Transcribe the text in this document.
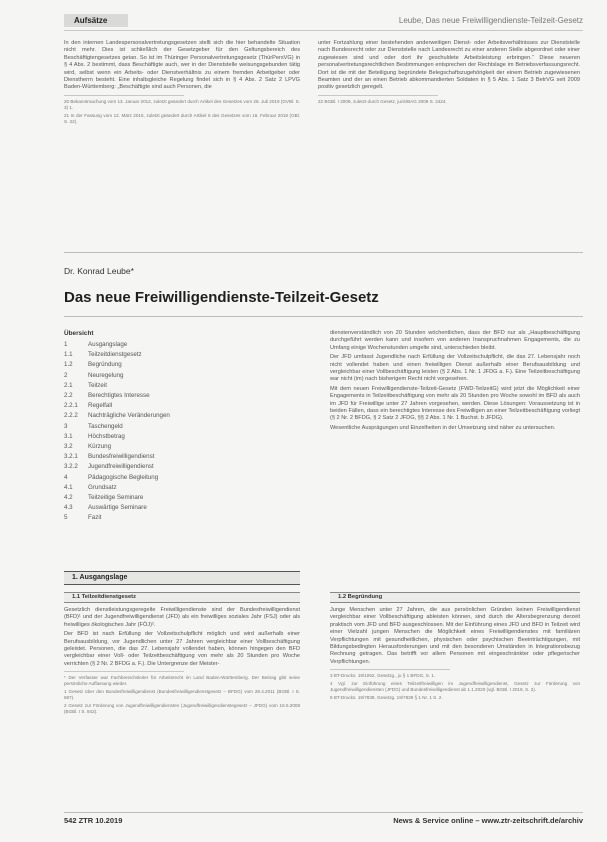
Aufsätze	Leube, Das neue Freiwilligendienste-Teilzeit-Gesetz

In den internen Landespersonalvertretungsgesetzen stellt sich die hier behandelte Situation nicht mehr. Dies ist schließlich der Gesetzgeber für den Geltungsbereich des Beschäftigtengesetzes getan. So ist im Thüringer Personalvertretungsgesetz (ThürPersVG) in § 4 Abs. 2 bestimmt, dass Beschäftigte auch, wer in der Dienststelle weisungsgebunden tätig wird, selbst wenn ein Arbeits- oder Dienstverhältnis zu einem fremden Arbeitgeber oder Dienstherrn besteht. Eine inhaltsgleiche Regelung findet sich in § 4 Abs. 2 Satz 2 LPVG Baden-Württemberg: „Beschäftigte sind auch Personen, die

20 Bekanntmachung vom 13. Januar 2012, zuletzt geändert durch Artikel des Gesetzes vom 28. Juli 2019 (GVBl. S. 3) 1.

21 In der Fassung vom 12. März 2015, zuletzt geändert durch Artikel 6 des Gesetzes vom 16. Februar 2019 (GBl. S. 22).

unter Fortzahlung einer bestehenden anderweitigen Dienst- oder Arbeitsverhältnisses zur Dienststelle nach Bundesrecht oder zur Dienststelle nach Landesrecht zu einer anderen Stelle abgeordnet oder einer zugewiesen sind und oder dort ihr geschuldete Arbeitsleistung erbringen.“ Diese neueren personalvertretungsrechtlichen Bestimmungen entsprechen der Rechtslage im Betriebsverfassungsrecht. Dort ist die mit der Beteiligung begründete Belegschaftszugehörigkeit der einem Betrieb zugewiesenen Beamten und der an einen Betrieb abkommandierten Soldaten in § 5 Abs. 1 Satz 3 BetrVG seit 2009 positiv gesetzlich geregelt.

22 BGBl. I 2009, zuletzt durch Gesetz, juris/BAG 2009 S. 2424.

Dr. Konrad Leube*
Das neue Freiwilligendienste-Teilzeit-Gesetz
Übersicht
1	Ausgangslage
1.1	Teilzeitdienstgesetz
1.2	Begründung
2	Neuregelung
2.1	Teilzeit
2.2	Berechtigtes Interesse
2.2.1	Regelfall
2.2.2	Nachträgliche Veränderungen
3	Taschengeld
3.1	Höchstbetrag
3.2	Kürzung
3.2.1	Bundesfreiwilligendienst
3.2.2	Jugendfreiwilligendienst
4	Pädagogische Begleitung
4.1	Grundsatz
4.2	Teilzeitige Seminare
4.3	Auswärtige Seminare
5	Fazit
1. Ausgangslage
1.1 Teilzeitdienstgesetz

Gesetzlich dienstleistungsgeregelte Freiwilligendienste sind der Bundesfreiwilligendienst (BFD)¹ und der Jugendfreiwilligendienst (JFD) als ein freiwilliges soziales Jahr (FSJ) oder als freiwilliges ökologisches Jahr (FÖJ)².

Der BFD ist nach Erfüllung der Vollzeitschulpflicht möglich und wird außerhalb einer Berufsausbildung, vor Jugendlichen unter 27 Jahren vergleichbar einer Vollbeschäftigung geleistet. Personen, die das 27. Lebensjahr vollendet haben, können hingegen den BFD vergleichbar einer Voll- oder Teilzeitbeschäftigung von mehr als 20 Stunden pro Woche verrichten (§ 2 Nr. 2 BFDG a. F.). Die Untergrenze der Meister-

* Der Verfasser war Fachbereichsleiter für Arbeitsrecht im Land Baden-Württemberg. Der Beitrag gibt seine persönliche Auffassung wieder.

1 Gesetz über den Bundesfreiwilligendienst (Bundesfreiwilligendienstgesetz – BFDG) vom 28.4.2011 (BGBl. I S. 687).

2 Gesetz zur Förderung von Jugendfreiwilligendiensten (Jugendfreiwilligendienstegesetz – JFDG) vom 16.5.2008 (BGBl. I S. 842).

dienstenverständlich von 20 Stunden wöchentlichen, dass der BFD nur als „Hauptbeschäftigung durchgeführt werden kann und insofern von anderen Inanspruchnahmen Engagements, die zu Umfang einige Wochenstunden umgelte sind, unterschieden bleibt.

Der JFD umfasst Jugendliche nach Erfüllung der Vollzeitschulpflicht, die das 27. Lebensjahr noch nicht vollendet haben und einen freiwilligen Dienst außerhalb einer Berufsausbildung und vergleichbar einer Vollbeschäftigung leisten (§ 2 Abs. 1 Nr. 1 JFDG a. F.). Eine Teilzeitbeschäftigung war nicht (im) nach bisherigem Recht nicht vorgesehen.

Mit dem neuen Freiwilligendienste-Teilzeit-Gesetz (FWD-TeilzeitG) wird jetzt die Möglichkeit einer Engagements in Teilzeitbeschäftigung von mehr als 20 Stunden pro Woche sowohl im BFD als auch im JFD für Freiwillige unter 27 Jahren vorgesehen, werden. Diese Lösungen: Voraussetzung ist in beiden Fällen, dass ein berechtigtes Interesse des Freiwilligen an einer Teilzeitbeschäftigung vorliegt (§ 2 Nr. 2 BFDG, § 2 Satz 2 JFDG, §§ 2 Abs. 1 Nr. 1 Buchst. b JFDG).

Wesentliche Ausprägungen und Einzelheiten in der Umsetzung sind näher zu untersuchen.

1.2 Begründung

Junge Menschen unter 27 Jahren, die aus persönlichen Gründen keinen Freiwilligendienst vergleichbar einer Vollbeschäftigung ableisten können, sind durch die Altersbegrenzung derzeit praktisch vom JFD und BFD ausgeschlossen. Mit der Einführung eines JFD und BFD in Teilzeit wird einer Vielzahl jungen Menschen die Möglichkeit eines Freiwilligendienstes mit familiären Verpflichtungen mit gesundheitlichen, physischen oder psychischen Beeinträchtigungen, mit Bildungsbedingten Herausforderungen und mit den besonderen Umständen in Integrationsbezug Rechnung getragen. Das betrifft vor allem Personen mit eingeschränkter oder pflegerischer Verpflichtungen.

3 BT-Drucks. 19/1062, Gesetzg., ju § 1 BFDG, S. 1.

4 Vgl. zur Einführung eines Teilzeitfreiwilligen im Jugendfreiwilligendienst, Gesetz zur Förderung von Jugendfreiwilligendiensten (JFDG) und Bundesfreiwilligendienst ab 1.1.2020 (vgl. BGBl. I 2019, S. 2).

5 BT-Drucks. 19/7839, Gesetzg. 19/7839 § 1 Nr. 1 S. 2.

542 ZTR 10.2019	News & Service online – www.ztr-zeitschrift.de/archiv
